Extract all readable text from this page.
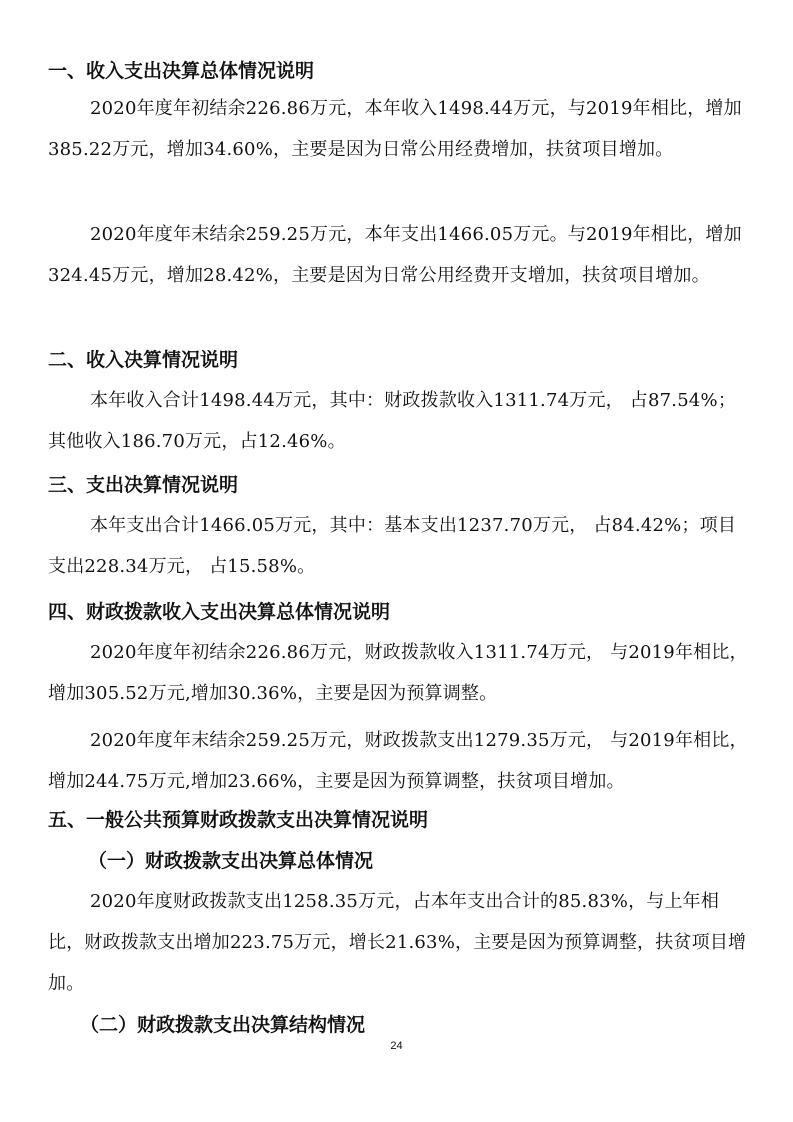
一、收入支出决算总体情况说明

2020年度年初结余226.86万元，本年收入1498.44万元，与2019年相比，增加385.22万元，增加34.60%，主要是因为日常公用经费增加，扶贫项目增加。

2020年度年末结余259.25万元，本年支出1466.05万元。与2019年相比，增加324.45万元，增加28.42%，主要是因为日常公用经费开支增加，扶贫项目增加。

二、收入决算情况说明

本年收入合计1498.44万元，其中：财政拨款收入1311.74万元， 占87.54%；其他收入186.70万元，占12.46%。

三、支出决算情况说明

本年支出合计1466.05万元，其中：基本支出1237.70万元， 占84.42%；项目支出228.34万元， 占15.58%。

四、财政拨款收入支出决算总体情况说明

2020年度年初结余226.86万元，财政拨款收入1311.74万元， 与2019年相比，增加305.52万元,增加30.36%，主要是因为预算调整。

2020年度年末结余259.25万元，财政拨款支出1279.35万元， 与2019年相比，增加244.75万元,增加23.66%，主要是因为预算调整，扶贫项目增加。

五、一般公共预算财政拨款支出决算情况说明
（一）财政拨款支出决算总体情况

2020年度财政拨款支出1258.35万元，占本年支出合计的85.83%，与上年相比，财政拨款支出增加223.75万元，增长21.63%，主要是因为预算调整，扶贫项目增加。

（二）财政拨款支出决算结构情况
24
